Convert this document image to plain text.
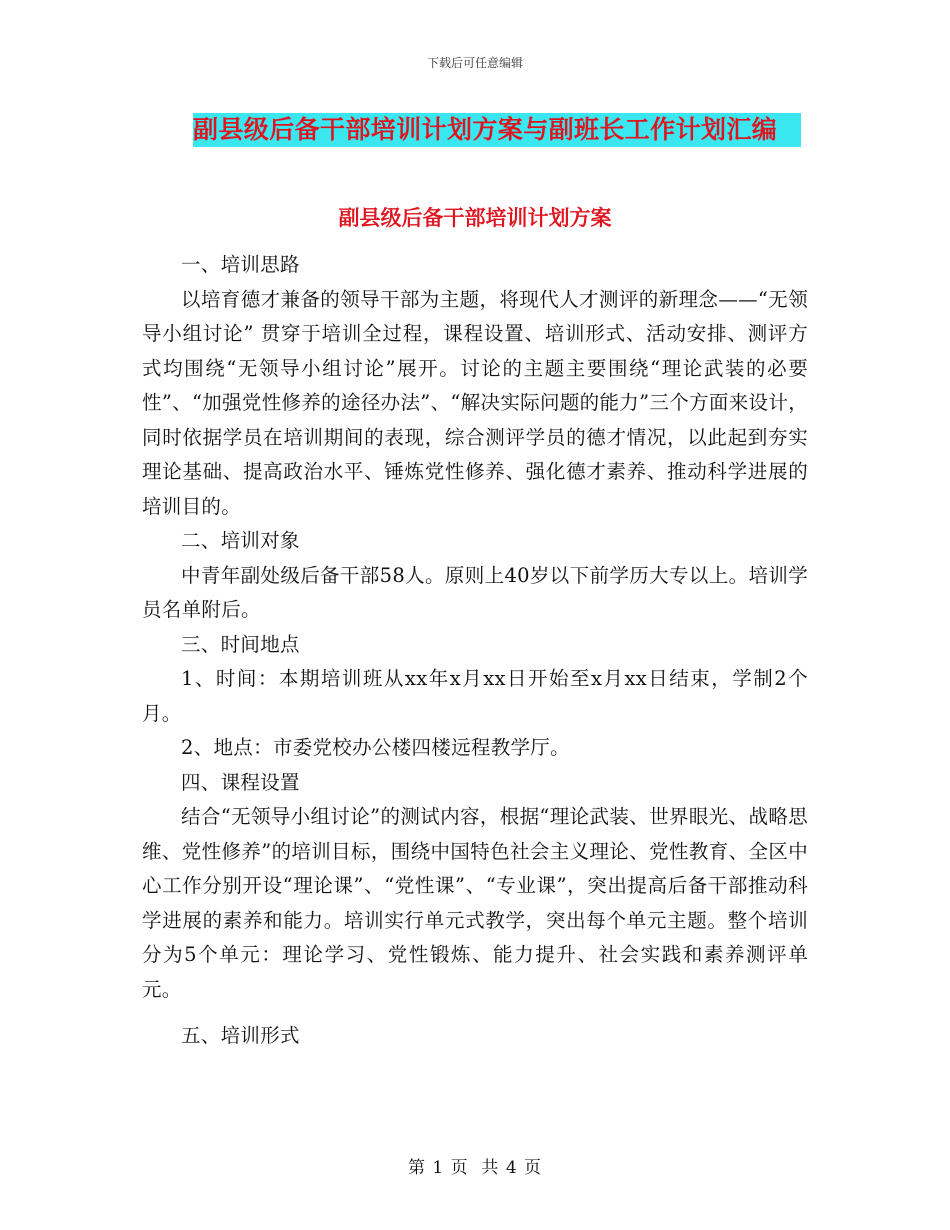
下载后可任意编辑
副县级后备干部培训计划方案与副班长工作计划汇编
副县级后备干部培训计划方案

一、培训思路

以培育德才兼备的领导干部为主题，将现代人才测评的新理念——“无领导小组讨论” 贯穿于培训全过程，课程设置、培训形式、活动安排、测评方式均围绕“无领导小组讨论”展开。讨论的主题主要围绕“理论武装的必要性”、“加强党性修养的途径办法”、“解决实际问题的能力”三个方面来设计，同时依据学员在培训期间的表现，综合测评学员的德才情况，以此起到夯实理论基础、提高政治水平、锤炼党性修养、强化德才素养、推动科学进展的培训目的。

二、培训对象

中青年副处级后备干部58人。原则上40岁以下前学历大专以上。培训学员名单附后。

三、时间地点

1、时间：本期培训班从xx年x月xx日开始至x月xx日结束，学制2个月。

2、地点：市委党校办公楼四楼远程教学厅。

四、课程设置

结合“无领导小组讨论”的测试内容，根据“理论武装、世界眼光、战略思维、党性修养”的培训目标，围绕中国特色社会主义理论、党性教育、全区中心工作分别开设“理论课”、“党性课”、“专业课”，突出提高后备干部推动科学进展的素养和能力。培训实行单元式教学，突出每个单元主题。整个培训分为5个单元：理论学习、党性锻炼、能力提升、社会实践和素养测评单元。

五、培训形式

第 1 页  共 4 页
